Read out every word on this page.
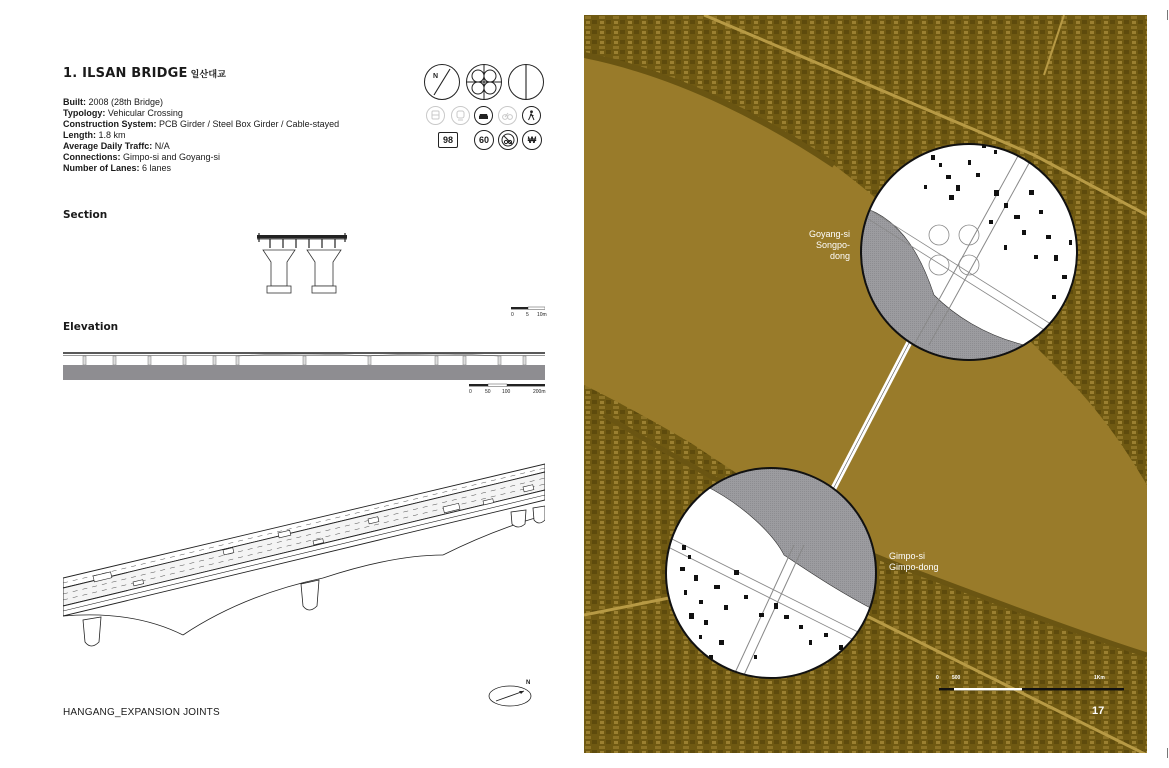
1. ILSAN BRIDGE 일산대교
Built: 2008 (28th Bridge)
Typology: Vehicular Crossing
Construction System: PCB Girder / Steel Box Girder / Cable-stayed
Length: 1.8 km
Average Daily Traffc: N/A
Connections: Gimpo-si and Goyang-si
Number of Lanes: 6 lanes
N
98	60	₩
Section
0 5 10m
Elevation
0	50 100	200m
N
HANGANG_EXPANSION JOINTS
Goyang-si
Songpo-dong
Gimpo-si
Gimpo-dong
0	500	1Km
17
